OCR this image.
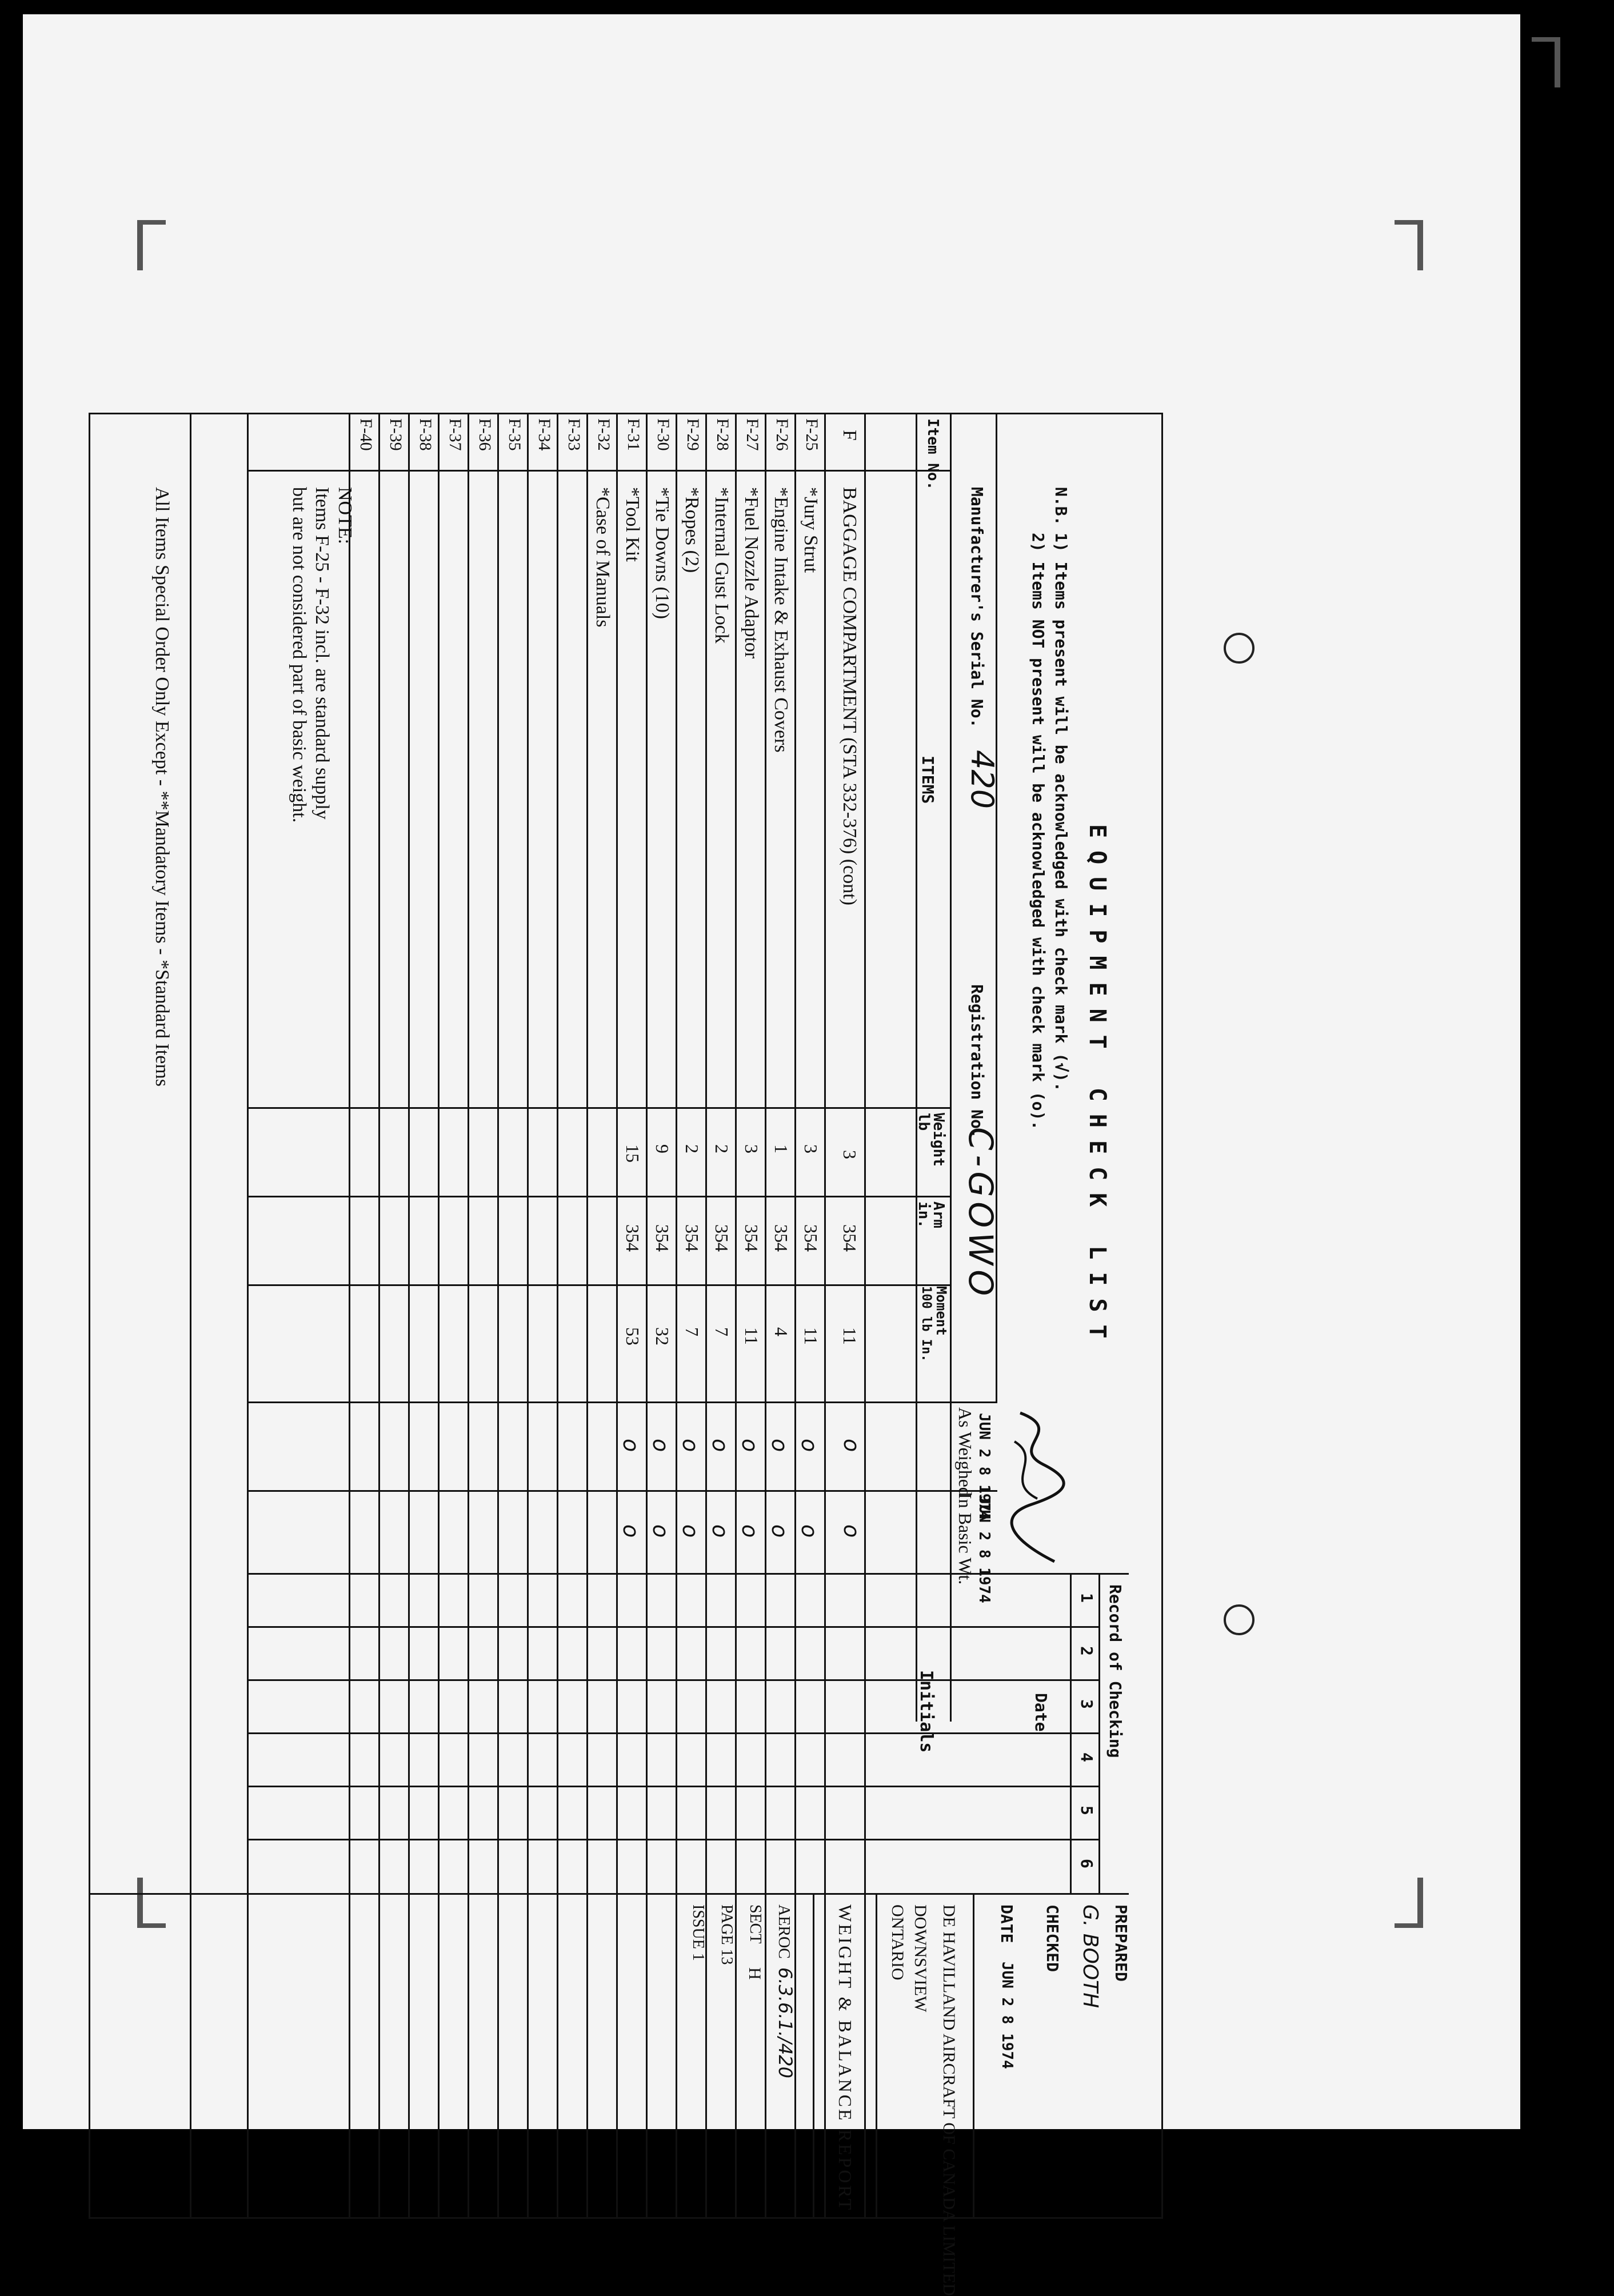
EQUIPMENT CHECK LIST
N.B.
1) Items present will be acknowledged with check mark (√).
2) Items NOT present will be acknowledged with check mark (o).
Manufacturer's Serial No.
420
Registration No.
C-GOWO
Item No.
ITEMS
Weight lb
Arm in.
Moment
100 lb In.
JUN 2 8 1974
As Weighed
JUN 2 8 1974
In Basic Wt.
Record of Checking
Date
Initials
1
2
3
4
5
6
F
BAGGAGE COMPARTMENT (STA 332-376) (cont)
3
354
11
o
o
F-25
*Jury Strut
3
354
11
o
o
F-26
*Engine Intake & Exhaust Covers
1
354
4
o
o
F-27
*Fuel Nozzle Adaptor
3
354
11
o
o
F-28
*Internal Gust Lock
2
354
7
o
o
F-29
*Ropes (2)
2
354
7
o
o
F-30
*Tie Downs (10)
9
354
32
o
o
F-31
*Tool Kit
15
354
53
o
o
F-32
*Case of Manuals
F-33
F-34
F-35
F-36
F-37
F-38
F-39
F-40
NOTE:
Items F-25 - F-32 incl. are standard supply
but are not considered part of basic weight.
All Items Special Order Only Except - **Mandatory Items - *Standard Items
PREPARED
G. BOOTH
CHECKED
DATE
JUN 2 8 1974
DE HAVILLAND AIRCRAFT OF CANADA LIMITED
DOWNSVIEW
ONTARIO
WEIGHT & BALANCE REPORT
AEROC
6.3.6.1./420
SECT
H
PAGE 13
ISSUE 1
